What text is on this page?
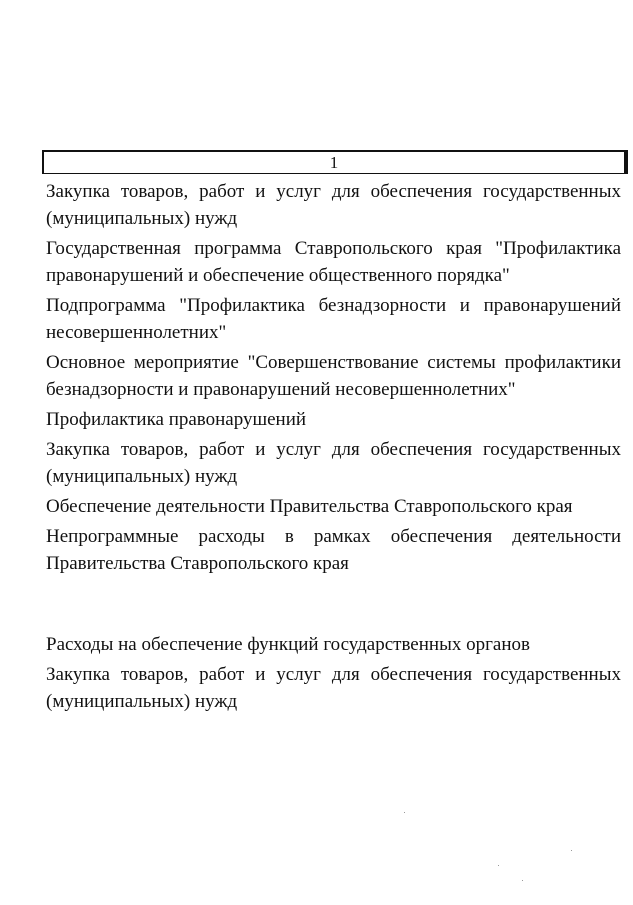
1

Закупка товаров, работ и услуг для обеспечения государственных (муниципальных) нужд

Государственная программа Ставропольского края "Профилактика правонарушений и обеспечение общественного порядка"

Подпрограмма "Профилактика безнадзорности и правонарушений несовершеннолетних"

Основное мероприятие "Совершенствование системы профилактики безнадзорности и правонарушений несовершеннолетних"

Профилактика правонарушений

Закупка товаров, работ и услуг для обеспечения государственных (муниципальных) нужд

Обеспечение деятельности Правительства Ставропольского края

Непрограммные расходы в рамках обеспечения деятельности Правительства Ставропольского края

Расходы на обеспечение функций государственных органов

Закупка товаров, работ и услуг для обеспечения государственных (муниципальных) нужд
